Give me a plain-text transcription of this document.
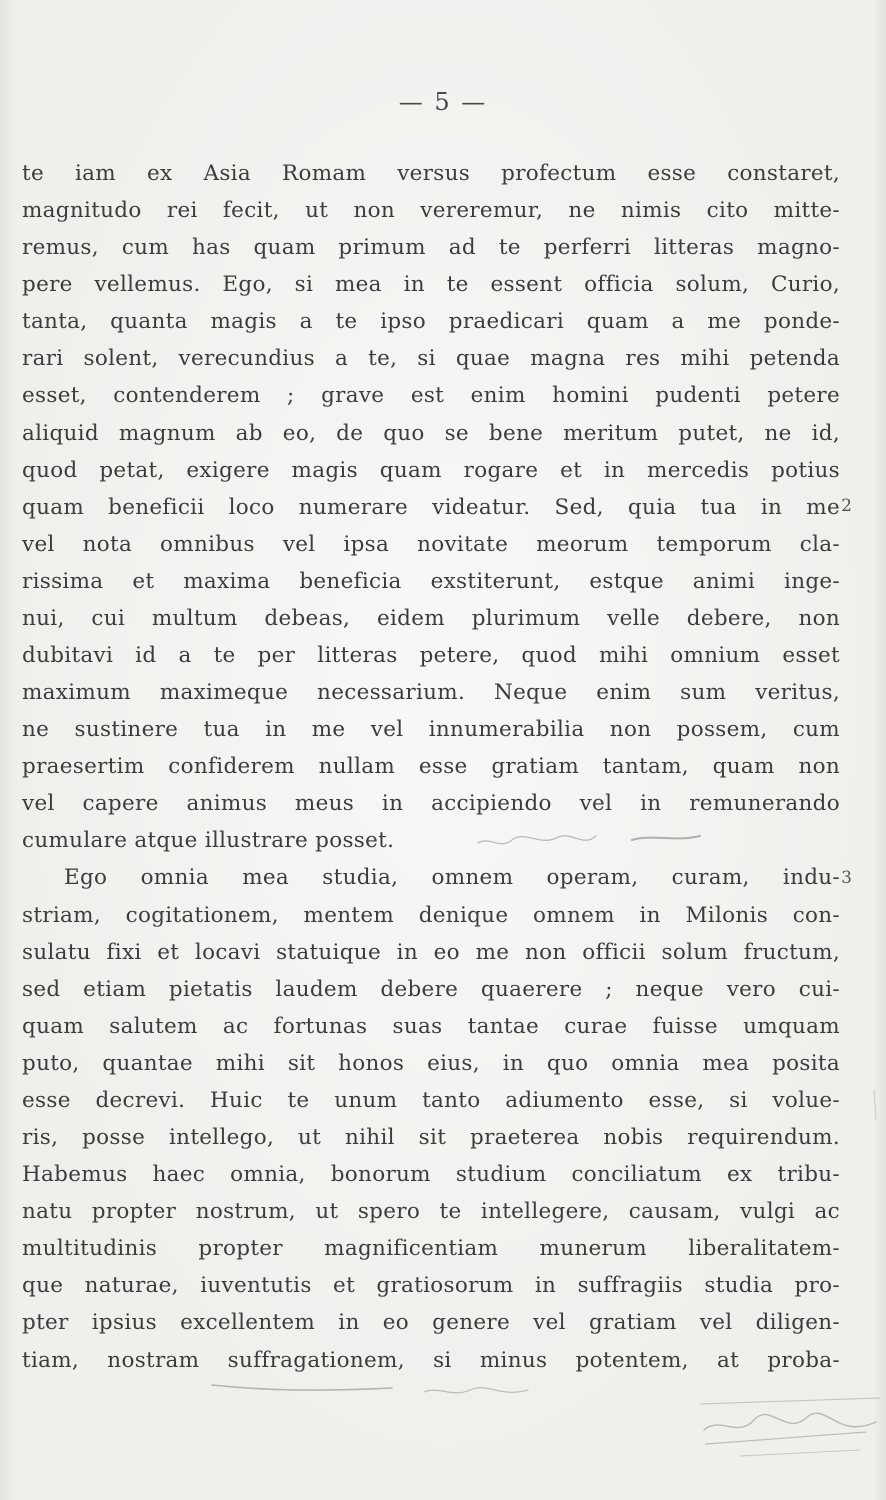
— 5 —
te iam ex Asia Romam versus profectum esse constaret,
magnitudo rei fecit, ut non vereremur, ne nimis cito mitte-
remus, cum has quam primum ad te perferri litteras magno-
pere vellemus. Ego, si mea in te essent officia solum, Curio,
tanta, quanta magis a te ipso praedicari quam a me ponde-
rari solent, verecundius a te, si quae magna res mihi petenda
esset, contenderem ; grave est enim homini pudenti petere
aliquid magnum ab eo, de quo se bene meritum putet, ne id,
quod petat, exigere magis quam rogare et in mercedis potius
quam beneficii loco numerare videatur. Sed, quia tua in me
vel nota omnibus vel ipsa novitate meorum temporum cla-
rissima et maxima beneficia exstiterunt, estque animi inge-
nui, cui multum debeas, eidem plurimum velle debere, non
dubitavi id a te per litteras petere, quod mihi omnium esset
maximum maximeque necessarium. Neque enim sum veritus,
ne sustinere tua in me vel innumerabilia non possem, cum
praesertim confiderem nullam esse gratiam tantam, quam non
vel capere animus meus in accipiendo vel in remunerando
cumulare atque illustrare posset.
Ego omnia mea studia, omnem operam, curam, indu-
striam, cogitationem, mentem denique omnem in Milonis con-
sulatu fixi et locavi statuique in eo me non officii solum fructum,
sed etiam pietatis laudem debere quaerere ; neque vero cui-
quam salutem ac fortunas suas tantae curae fuisse umquam
puto, quantae mihi sit honos eius, in quo omnia mea posita
esse decrevi. Huic te unum tanto adiumento esse, si volue-
ris, posse intellego, ut nihil sit praeterea nobis requirendum.
Habemus haec omnia, bonorum studium conciliatum ex tribu-
natu propter nostrum, ut spero te intellegere, causam, vulgi ac
multitudinis propter magnificentiam munerum liberalitatem-
que naturae, iuventutis et gratiosorum in suffragiis studia pro-
pter ipsius excellentem in eo genere vel gratiam vel diligen-
tiam, nostram suffragationem, si minus potentem, at proba-
2
3
